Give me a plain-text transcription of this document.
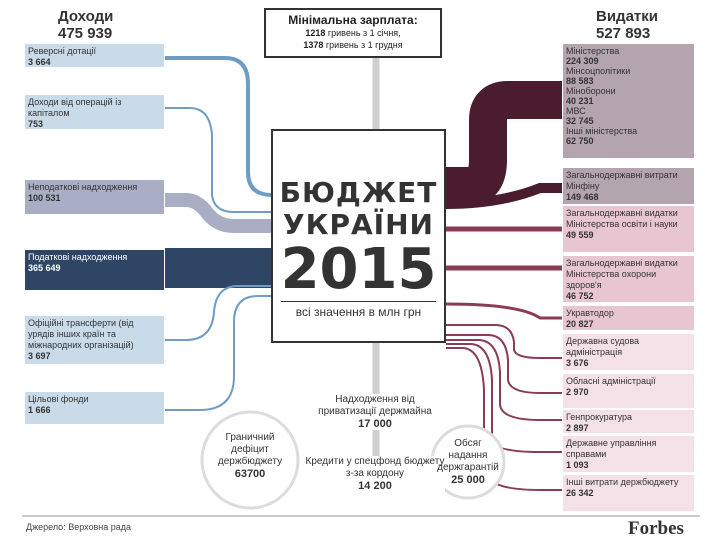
Доходи
475 939
Реверсні дотації
3 664
Доходи від операцій із капіталом
753
Неподаткові надходження
100 531
Податкові надходження
365 649
Офіційні трансферти (від урядів інших країн та міжнародних організацій)
3 697
Цільові фонди
1 666
Мінімальна зарплата:
1218 гривень з 1 січня,
1378 гривень з 1 грудня
Видатки
527 893
Міністерства
224 309
Мінсоцполітики
88 583
Міноборони
40 231
МВС
32 745
Інші міністерства
62 750
Загальнодержавні витрати Мінфіну
149 468
Загальнодержавні видатки Міністерства освіти і науки
49 559
Загальнодержавні видатки Міністерства охорони здоров'я
46 752
Укравтодор
20 827
Державна судова адміністрація
3 676
Обласні адміністрації
2 970
Генпрокуратура
2 897
Державне управління справами
1 093
Інші витрати держбюджету
26 342
БЮДЖЕТ
УКРАЇНИ
2015
всі значення в млн грн
Граничний дефіцит держбюджету
63700
Надходження від приватизації держмайна
17 000
Кредити у спецфонд бюджету з-за кордону
14 200
Обсяг надання держгарантій
25 000
Джерело: Верховна рада	Forbes
